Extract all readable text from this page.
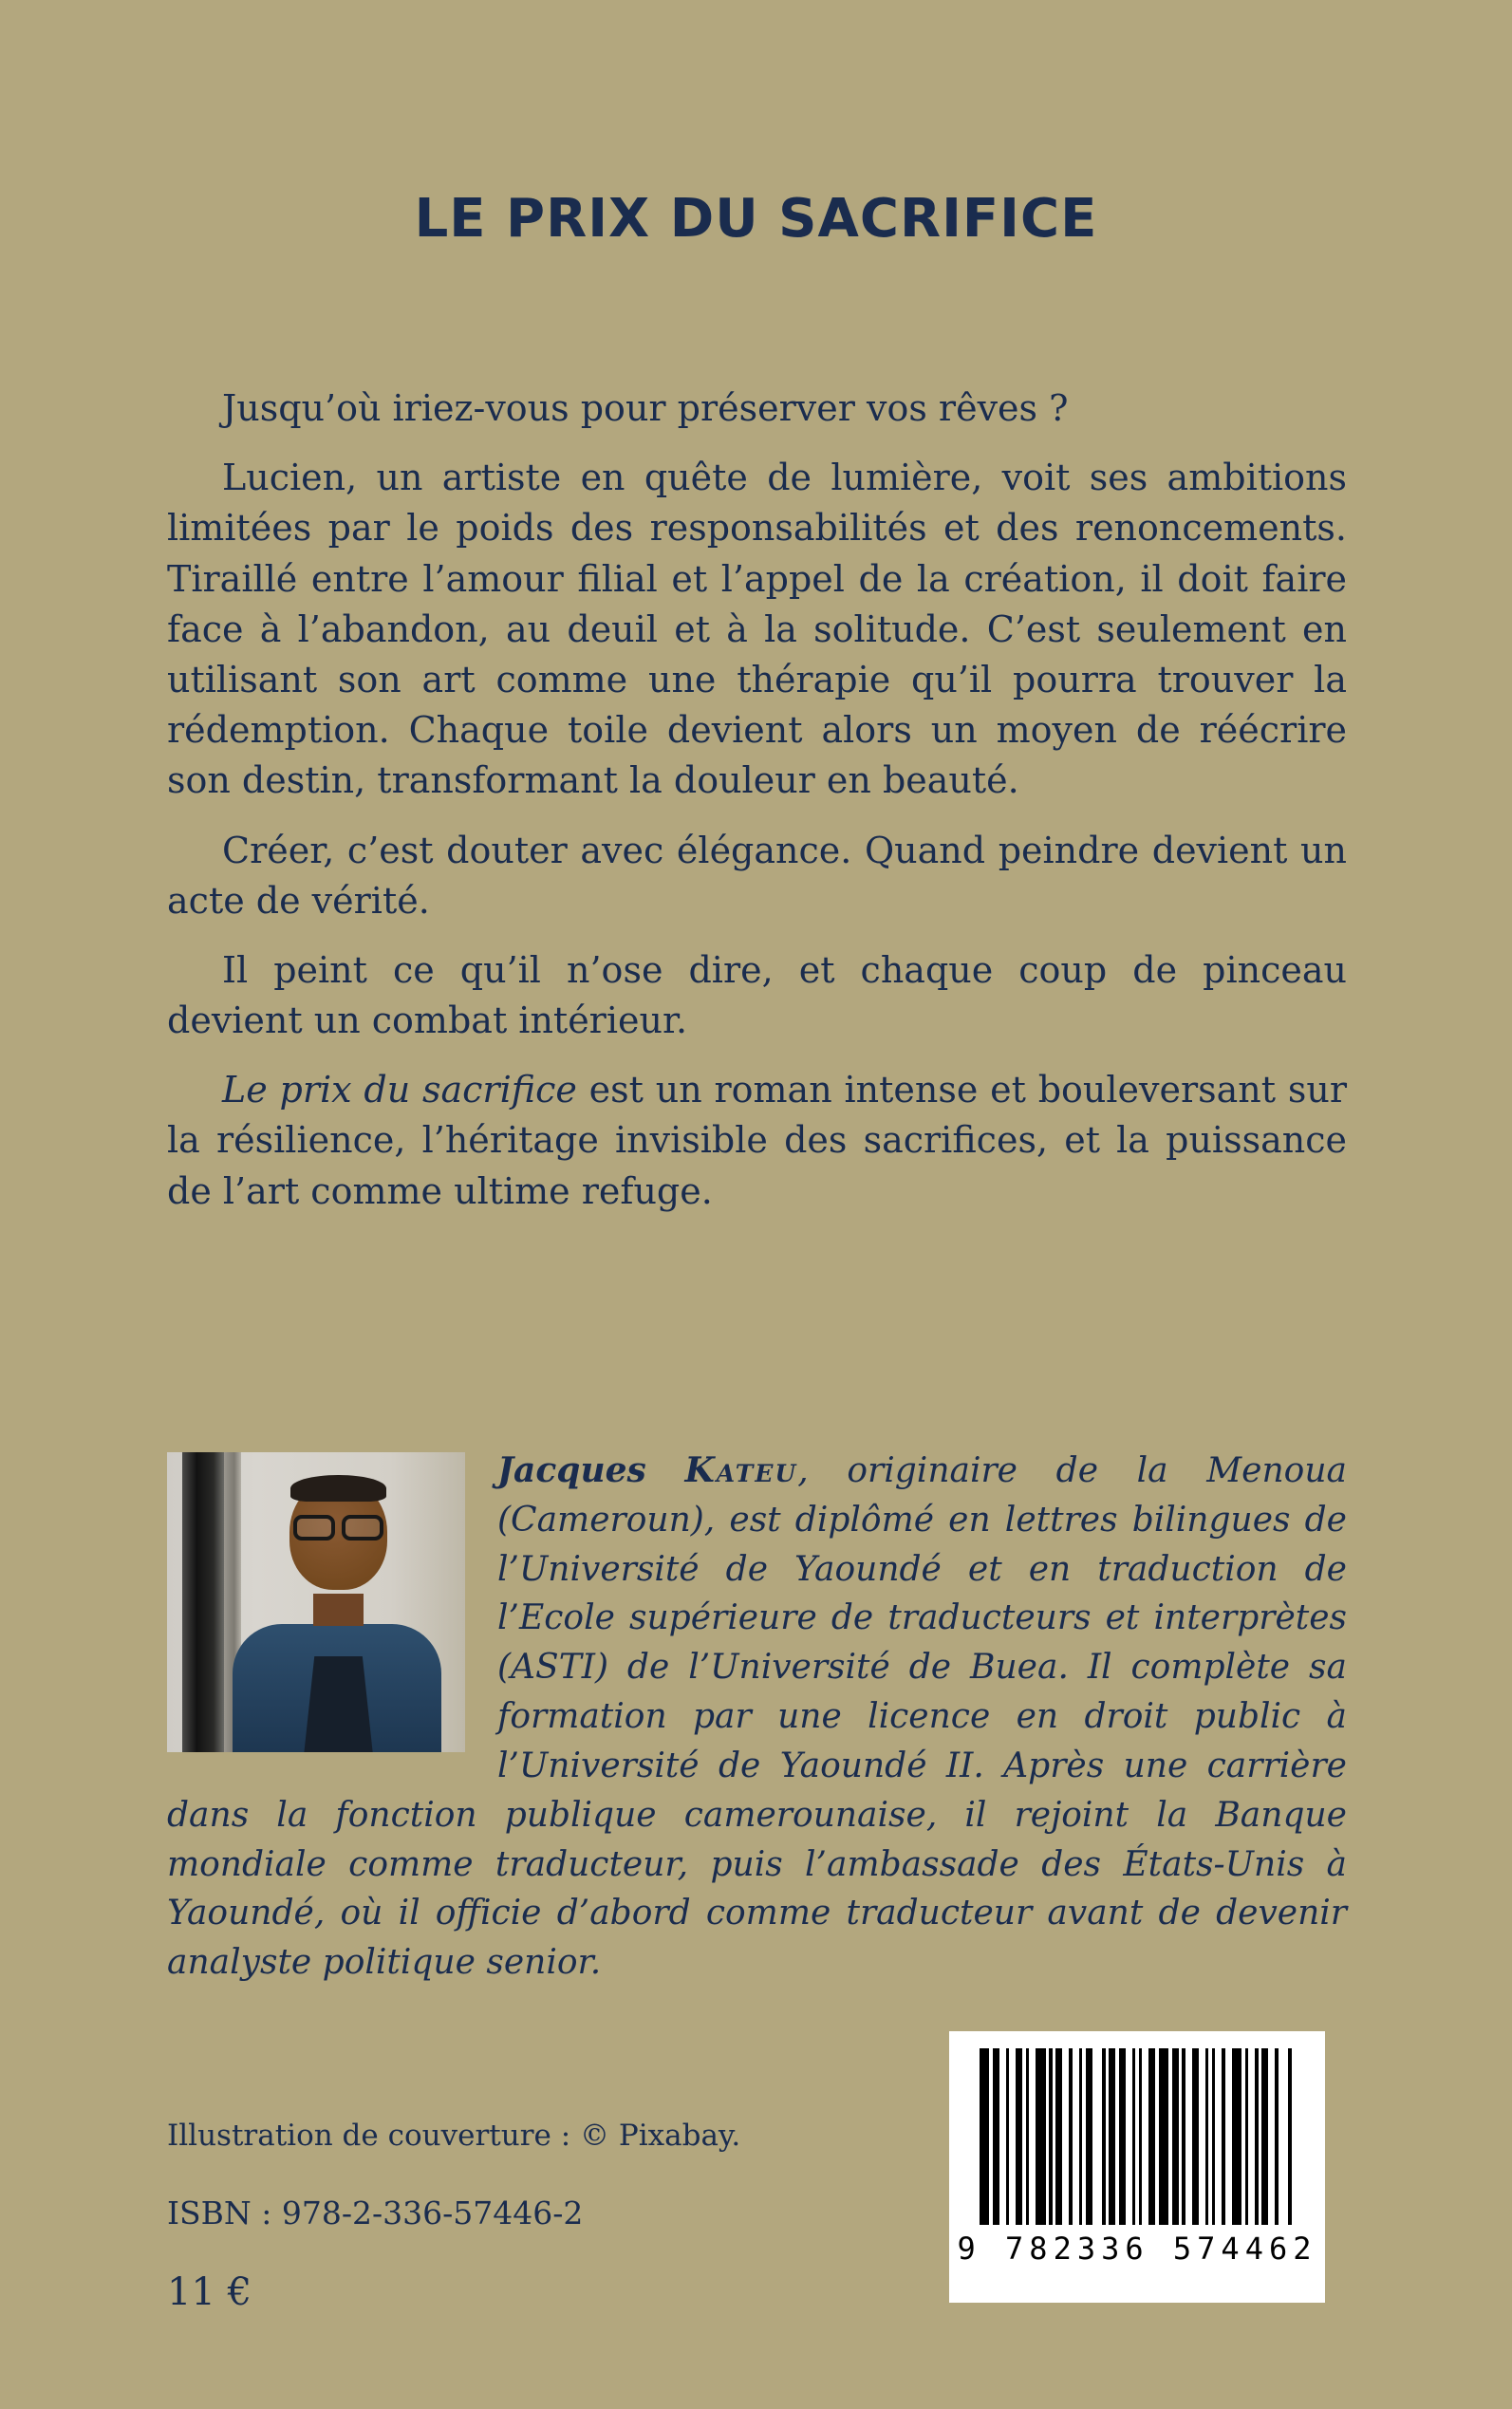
LE PRIX DU SACRIFICE

Jusqu’où iriez-vous pour préserver vos rêves ?

Lucien, un artiste en quête de lumière, voit ses ambitions limitées par le poids des responsabilités et des renoncements. Tiraillé entre l’amour filial et l’appel de la création, il doit faire face à l’abandon, au deuil et à la solitude. C’est seulement en utilisant son art comme une thérapie qu’il pourra trouver la rédemption. Chaque toile devient alors un moyen de réécrire son destin, transformant la douleur en beauté.

Créer, c’est douter avec élégance. Quand peindre devient un acte de vérité.

Il peint ce qu’il n’ose dire, et chaque coup de pinceau devient un combat intérieur.

Le prix du sacrifice est un roman intense et bouleversant sur la résilience, l’héritage invisible des sacrifices, et la puissance de l’art comme ultime refuge.

Jacques Kateu, originaire de la Menoua (Cameroun), est diplômé en lettres bilingues de l’Université de Yaoundé et en traduction de l’Ecole supérieure de traducteurs et interprètes (ASTI) de l’Université de Buea. Il complète sa formation par une licence en droit public à l’Université de Yaoundé II. Après une carrière dans la fonction publique camerounaise, il rejoint la Banque mondiale comme traducteur, puis l’ambassade des États-Unis à Yaoundé, où il officie d’abord comme traducteur avant de devenir analyste politique senior.

Illustration de couverture : © Pixabay.
ISBN : 978-2-336-57446-2
11 €
9 782336 574462
